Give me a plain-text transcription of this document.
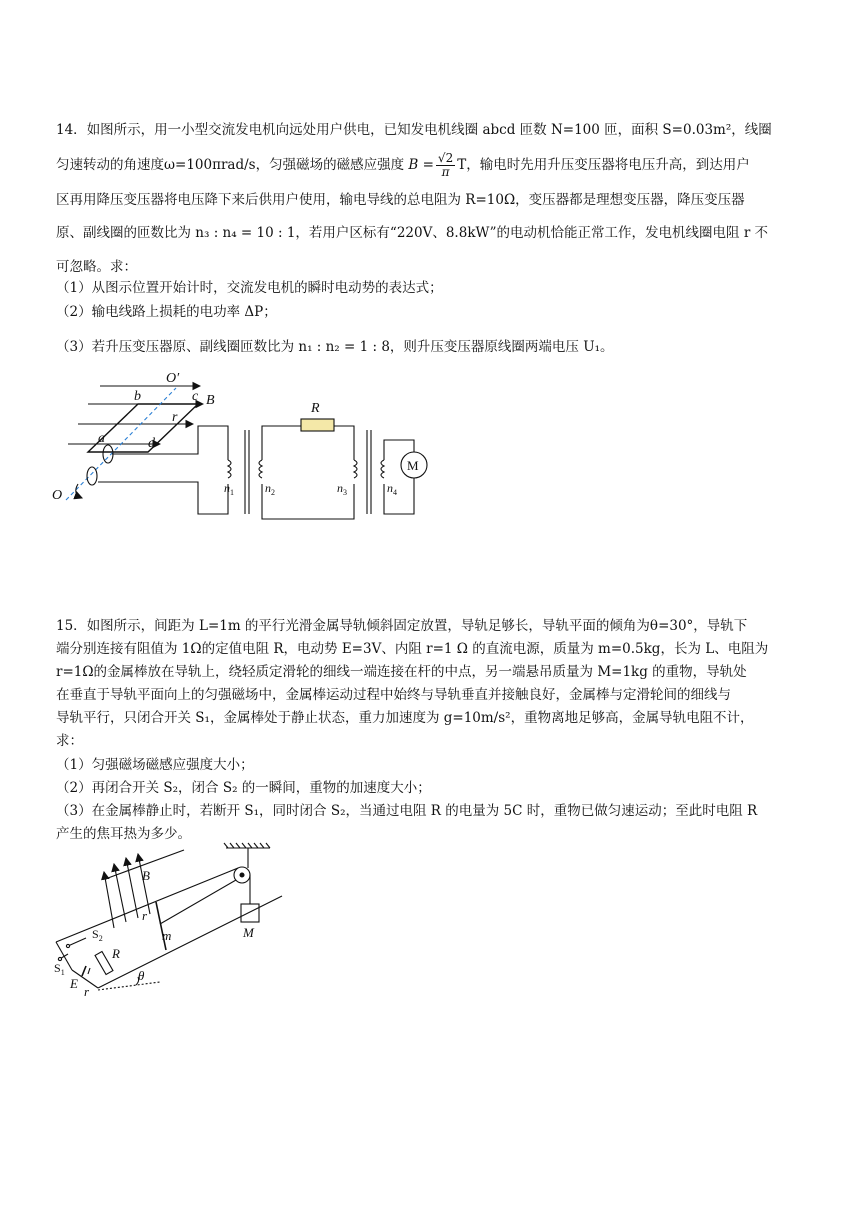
14．如图所示，用一小型交流发电机向远处用户供电，已知发电机线圈 abcd 匝数 N=100 匝，面积 S=0.03m²，线圈
匀速转动的角速度ω=100πrad/s，匀强磁场的磁感应强度 $B = \frac{√2}{\pi}$ T，输电时先用升压变压器将电压升高，到达用户
区再用降压变压器将电压降下来后供用户使用，输电导线的总电阻为 R=10Ω，变压器都是理想变压器，降压变压器
原、副线圈的匝数比为 n₃ : n₄ = 10 : 1，若用户区标有“220V、8.8kW”的电动机恰能正常工作，发电机线圈电阻 r 不
可忽略。求：
（1）从图示位置开始计时，交流发电机的瞬时电动势的表达式；
（2）输电线路上损耗的电功率 ΔP；
（3）若升压变压器原、副线圈匝数比为 n₁ : n₂ = 1 : 8，则升压变压器原线圈两端电压 U₁。
O′
O
B
b	c
r
a	d
R
M
$n_1$	$n_2$	$n_3$	$n_4$
15．如图所示，间距为 L=1m 的平行光滑金属导轨倾斜固定放置，导轨足够长，导轨平面的倾角为θ=30°，导轨下
端分别连接有阻值为 1Ω的定值电阻 R，电动势 E=3V、内阻 r=1 Ω 的直流电源，质量为 m=0.5kg，长为 L、电阻为
r=1Ω的金属棒放在导轨上，绕轻质定滑轮的细线一端连接在杆的中点，另一端悬吊质量为 M=1kg 的重物，导轨处
在垂直于导轨平面向上的匀强磁场中，金属棒运动过程中始终与导轨垂直并接触良好，金属棒与定滑轮间的细线与
导轨平行，只闭合开关 S₁，金属棒处于静止状态，重力加速度为 g=10m/s²，重物离地足够高，金属导轨电阻不计，
求：
（1）匀强磁场磁感应强度大小；
（2）再闭合开关 S₂，闭合 S₂ 的一瞬间，重物的加速度大小；
（3）在金属棒静止时，若断开 S₁，同时闭合 S₂，当通过电阻 R 的电量为 5C 时，重物已做匀速运动；至此时电阻 R
产生的焦耳热为多少。
B
r
m	M
R
E
r
θ
$S_2$
$S_1$
